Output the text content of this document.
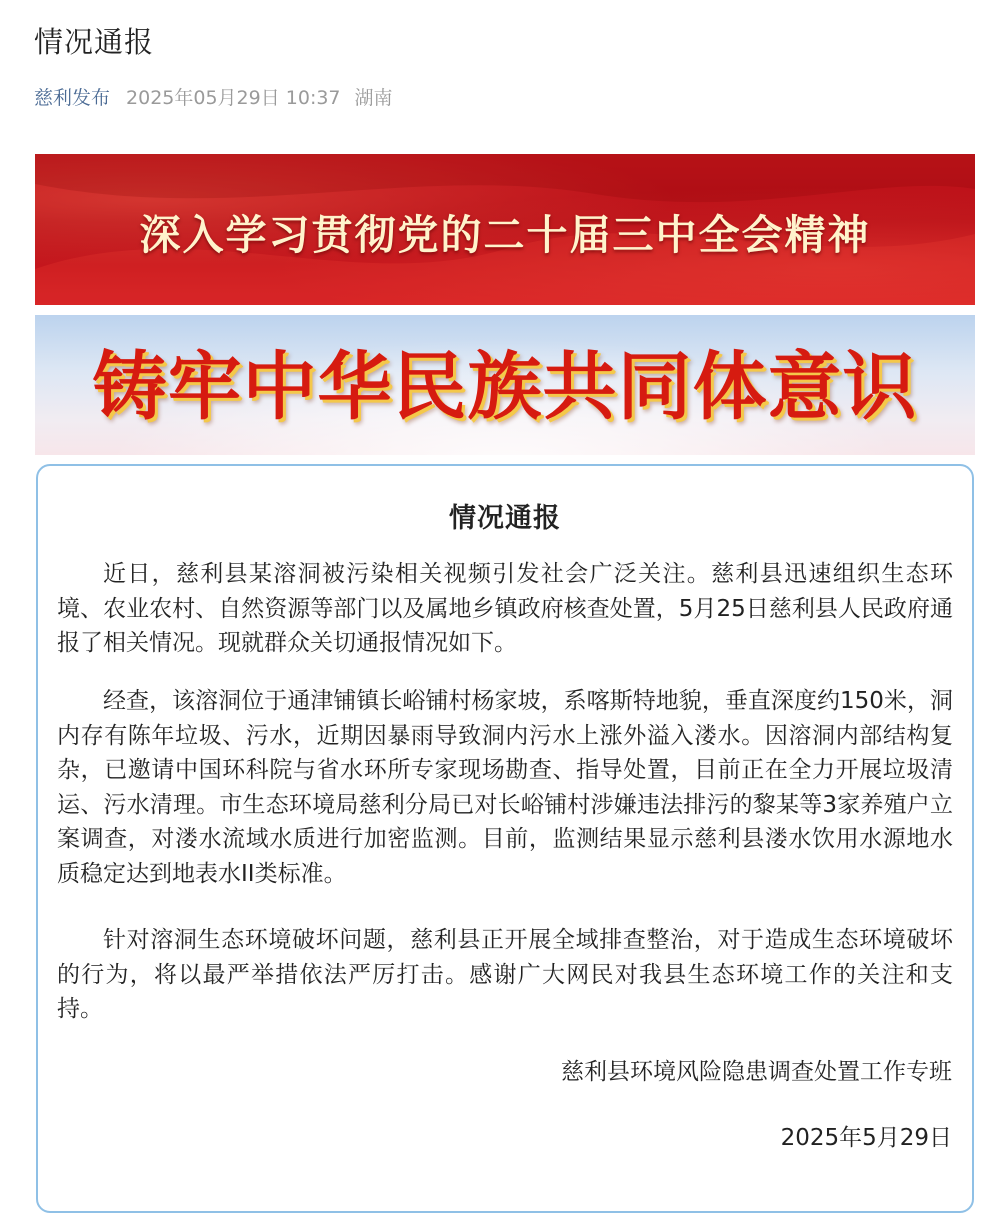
情况通报
慈利发布 2025年05月29日 10:37 湖南
深入学习贯彻党的二十届三中全会精神
铸牢中华民族共同体意识
情况通报

近日，慈利县某溶洞被污染相关视频引发社会广泛关注。慈利县迅速组织生态环境、农业农村、自然资源等部门以及属地乡镇政府核查处置，5月25日慈利县人民政府通报了相关情况。现就群众关切通报情况如下。

经查，该溶洞位于通津铺镇长峪铺村杨家坡，系喀斯特地貌，垂直深度约150米，洞内存有陈年垃圾、污水，近期因暴雨导致洞内污水上涨外溢入溇水。因溶洞内部结构复杂，已邀请中国环科院与省水环所专家现场勘查、指导处置，目前正在全力开展垃圾清运、污水清理。市生态环境局慈利分局已对长峪铺村涉嫌违法排污的黎某等3家养殖户立案调查，对溇水流域水质进行加密监测。目前，监测结果显示慈利县溇水饮用水源地水质稳定达到地表水II类标准。

针对溶洞生态环境破坏问题，慈利县正开展全域排查整治，对于造成生态环境破坏的行为，将以最严举措依法严厉打击。感谢广大网民对我县生态环境工作的关注和支持。

慈利县环境风险隐患调查处置工作专班

2025年5月29日
